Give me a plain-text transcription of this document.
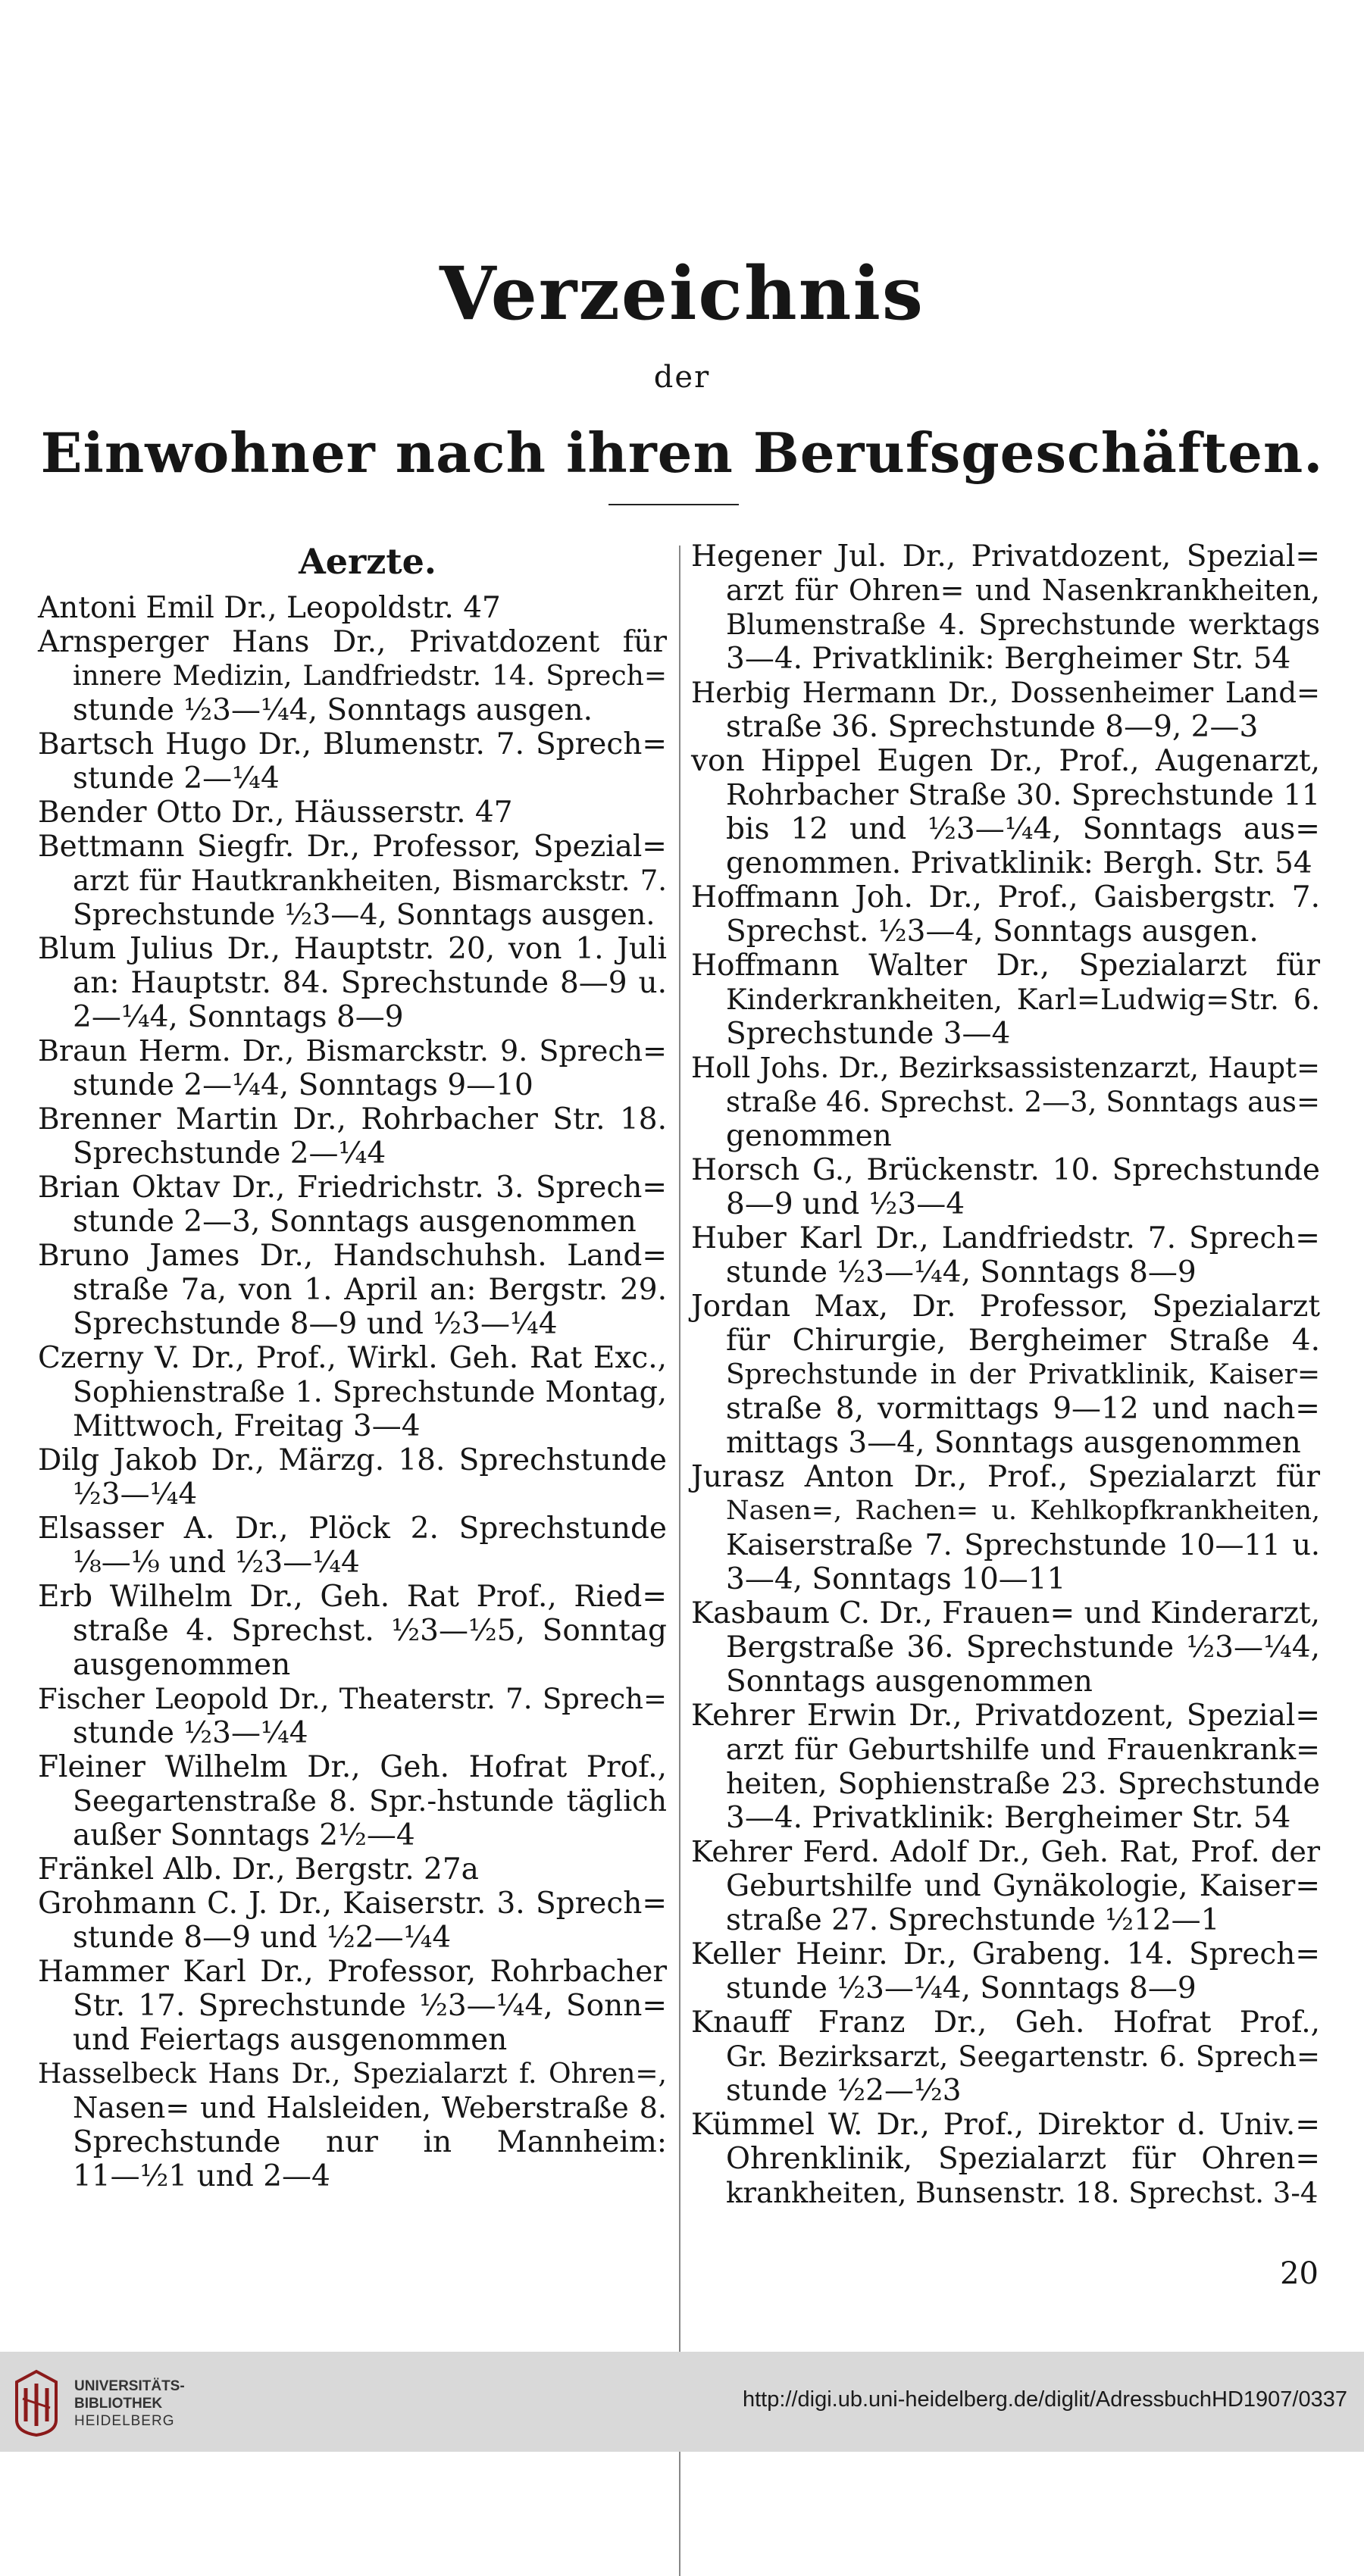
Verzeichnis
der
Einwohner nach ihren Berufsgeschäften.
Aerzte.
Antoni Emil Dr., Leopoldstr. 47
Arnsperger Hans Dr., Privatdozent für
innere Medizin, Landfriedstr. 14. Sprech=
stunde ½3—¼4, Sonntags ausgen.
Bartsch Hugo Dr., Blumenstr. 7. Sprech=
stunde 2—¼4
Bender Otto Dr., Häusserstr. 47
Bettmann Siegfr. Dr., Professor, Spezial=
arzt für Hautkrankheiten, Bismarckstr. 7.
Sprechstunde ½3—4, Sonntags ausgen.
Blum Julius Dr., Hauptstr. 20, von 1. Juli
an: Hauptstr. 84. Sprechstunde 8—9 u.
2—¼4, Sonntags 8—9
Braun Herm. Dr., Bismarckstr. 9. Sprech=
stunde 2—¼4, Sonntags 9—10
Brenner Martin Dr., Rohrbacher Str. 18.
Sprechstunde 2—¼4
Brian Oktav Dr., Friedrichstr. 3. Sprech=
stunde 2—3, Sonntags ausgenommen
Bruno James Dr., Handschuhsh. Land=
straße 7a, von 1. April an: Bergstr. 29.
Sprechstunde 8—9 und ½3—¼4
Czerny V. Dr., Prof., Wirkl. Geh. Rat Exc.,
Sophienstraße 1. Sprechstunde Montag,
Mittwoch, Freitag 3—4
Dilg Jakob Dr., Märzg. 18. Sprechstunde
½3—¼4
Elsasser A. Dr., Plöck 2. Sprechstunde
⅛—⅑ und ½3—¼4
Erb Wilhelm Dr., Geh. Rat Prof., Ried=
straße 4. Sprechst. ½3—½5, Sonntag
ausgenommen
Fischer Leopold Dr., Theaterstr. 7. Sprech=
stunde ½3—¼4
Fleiner Wilhelm Dr., Geh. Hofrat Prof.,
Seegartenstraße 8. Spr.-hstunde täglich
außer Sonntags 2½—4
Fränkel Alb. Dr., Bergstr. 27a
Grohmann C. J. Dr., Kaiserstr. 3. Sprech=
stunde 8—9 und ½2—¼4
Hammer Karl Dr., Professor, Rohrbacher
Str. 17. Sprechstunde ½3—¼4, Sonn=
und Feiertags ausgenommen
Hasselbeck Hans Dr., Spezialarzt f. Ohren=,
Nasen= und Halsleiden, Weberstraße 8.
Sprechstunde nur in Mannheim:
11—½1 und 2—4
Hegener Jul. Dr., Privatdozent, Spezial=
arzt für Ohren= und Nasenkrankheiten,
Blumenstraße 4. Sprechstunde werktags
3—4. Privatklinik: Bergheimer Str. 54
Herbig Hermann Dr., Dossenheimer Land=
straße 36. Sprechstunde 8—9, 2—3
von Hippel Eugen Dr., Prof., Augenarzt,
Rohrbacher Straße 30. Sprechstunde 11
bis 12 und ½3—¼4, Sonntags aus=
genommen. Privatklinik: Bergh. Str. 54
Hoffmann Joh. Dr., Prof., Gaisbergstr. 7.
Sprechst. ½3—4, Sonntags ausgen.
Hoffmann Walter Dr., Spezialarzt für
Kinderkrankheiten, Karl=Ludwig=Str. 6.
Sprechstunde 3—4
Holl Johs. Dr., Bezirksassistenzarzt, Haupt=
straße 46. Sprechst. 2—3, Sonntags aus=
genommen
Horsch G., Brückenstr. 10. Sprechstunde
8—9 und ½3—4
Huber Karl Dr., Landfriedstr. 7. Sprech=
stunde ½3—¼4, Sonntags 8—9
Jordan Max, Dr. Professor, Spezialarzt
für Chirurgie, Bergheimer Straße 4.
Sprechstunde in der Privatklinik, Kaiser=
straße 8, vormittags 9—12 und nach=
mittags 3—4, Sonntags ausgenommen
Jurasz Anton Dr., Prof., Spezialarzt für
Nasen=, Rachen= u. Kehlkopfkrankheiten,
Kaiserstraße 7. Sprechstunde 10—11 u.
3—4, Sonntags 10—11
Kasbaum C. Dr., Frauen= und Kinderarzt,
Bergstraße 36. Sprechstunde ½3—¼4,
Sonntags ausgenommen
Kehrer Erwin Dr., Privatdozent, Spezial=
arzt für Geburtshilfe und Frauenkrank=
heiten, Sophienstraße 23. Sprechstunde
3—4. Privatklinik: Bergheimer Str. 54
Kehrer Ferd. Adolf Dr., Geh. Rat, Prof. der
Geburtshilfe und Gynäkologie, Kaiser=
straße 27. Sprechstunde ½12—1
Keller Heinr. Dr., Grabeng. 14. Sprech=
stunde ½3—¼4, Sonntags 8—9
Knauff Franz Dr., Geh. Hofrat Prof.,
Gr. Bezirksarzt, Seegartenstr. 6. Sprech=
stunde ½2—½3
Kümmel W. Dr., Prof., Direktor d. Univ.=
Ohrenklinik, Spezialarzt für Ohren=
krankheiten, Bunsenstr. 18. Sprechst. 3-4
20
UNIVERSITÄTS-
BIBLIOTHEK
HEIDELBERG
http://digi.ub.uni-heidelberg.de/diglit/AdressbuchHD1907/0337
